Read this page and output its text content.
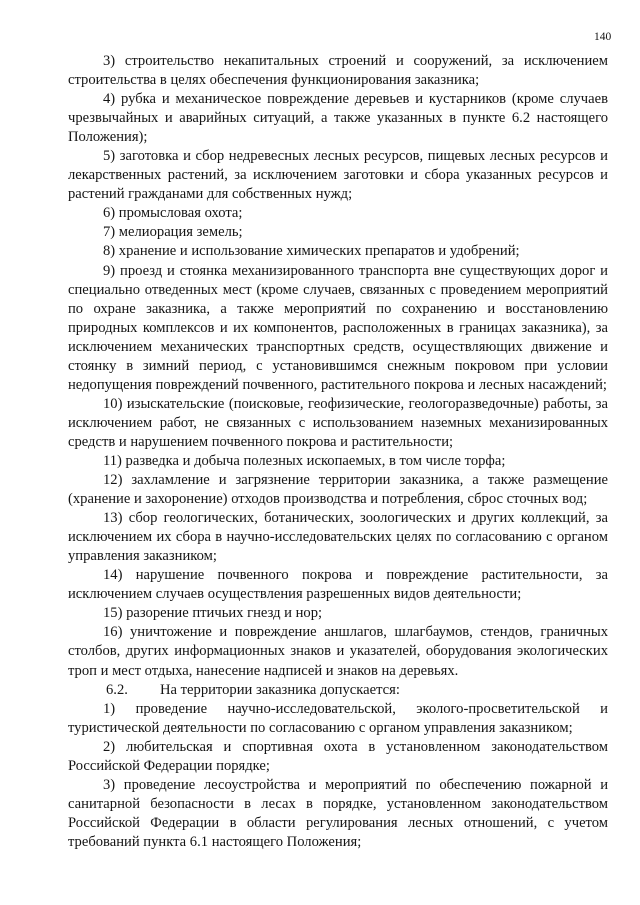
140

3) строительство некапитальных строений и сооружений, за исключением строительства в целях обеспечения функционирования заказника;

4) рубка и механическое повреждение деревьев и кустарников (кроме случаев чрезвычайных и аварийных ситуаций, а также указанных в пункте 6.2 настоящего Положения);

5) заготовка и сбор недревесных лесных ресурсов, пищевых лесных ресурсов и лекарственных растений, за исключением заготовки и сбора указанных ресурсов и растений гражданами для собственных нужд;

6) промысловая охота;

7) мелиорация земель;

8) хранение и использование химических препаратов и удобрений;

9) проезд и стоянка механизированного транспорта вне существующих дорог и специально отведенных мест (кроме случаев, связанных с проведением мероприятий по охране заказника, а также мероприятий по сохранению и восстановлению природных комплексов и их компонентов, расположенных в границах заказника), за исключением механических транспортных средств, осуществляющих движение и стоянку в зимний период, с установившимся снежным покровом при условии недопущения повреждений почвенного, растительного покрова и лесных насаждений;

10) изыскательские (поисковые, геофизические, геологоразведочные) работы, за исключением работ, не связанных с использованием наземных механизированных средств и нарушением почвенного покрова и растительности;

11) разведка и добыча полезных ископаемых, в том числе торфа;

12) захламление и загрязнение территории заказника, а также размещение (хранение и захоронение) отходов производства и потребления, сброс сточных вод;

13) сбор геологических, ботанических, зоологических и других коллекций, за исключением их сбора в научно-исследовательских целях по согласованию с органом управления заказником;

14) нарушение почвенного покрова и повреждение растительности, за исключением случаев осуществления разрешенных видов деятельности;

15) разорение птичьих гнезд и нор;

16) уничтожение и повреждение аншлагов, шлагбаумов, стендов, граничных столбов, других информационных знаков и указателей, оборудования экологических троп и мест отдыха, нанесение надписей и знаков на деревьях.

6.2. На территории заказника допускается:

1) проведение научно-исследовательской, эколого-просветительской и туристической деятельности по согласованию с органом управления заказником;

2) любительская и спортивная охота в установленном законодательством Российской Федерации порядке;

3) проведение лесоустройства и мероприятий по обеспечению пожарной и санитарной безопасности в лесах в порядке, установленном законодательством Российской Федерации в области регулирования лесных отношений, с учетом требований пункта 6.1 настоящего Положения;
